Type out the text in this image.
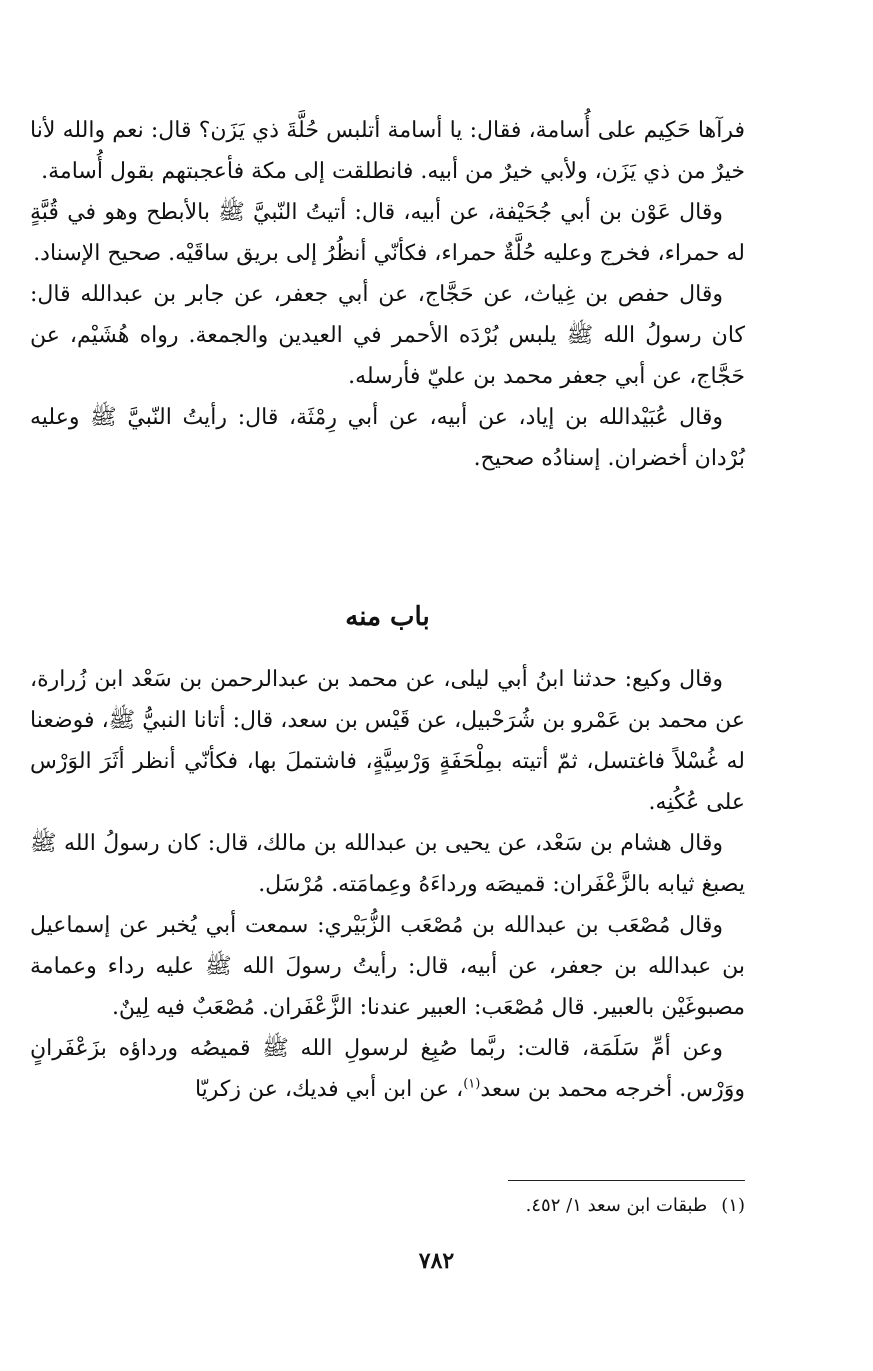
فرآها حَكِيم على أُسامة، فقال: يا أسامة أتلبس حُلَّةَ ذي يَزَن؟ قال: نعم والله لأنا خيرٌ من ذي يَزَن، ولأبي خيرٌ من أبيه. فانطلقت إلى مكة فأعجبتهم بقول أُسامة.

وقال عَوْن بن أبي جُحَيْفة، عن أبيه، قال: أتيتُ النّبيَّ ﷺ بالأبطح وهو في قُبَّةٍ له حمراء، فخرج وعليه حُلَّةٌ حمراء، فكأنّي أنظُرُ إلى بريق ساقَيْه. صحيح الإسناد.

وقال حفص بن غِياث، عن حَجَّاج، عن أبي جعفر، عن جابر بن عبدالله قال: كان رسولُ الله ﷺ يلبس بُرْدَه الأحمر في العيدين والجمعة. رواه هُشَيْم، عن حَجَّاج، عن أبي جعفر محمد بن عليّ فأرسله.

وقال عُبَيْدالله بن إياد، عن أبيه، عن أبي رِمْثَة، قال: رأيتُ النّبيَّ ﷺ وعليه بُرْدان أخضران. إسنادُه صحيح.

باب منه

وقال وكيع: حدثنا ابنُ أبي ليلى، عن محمد بن عبدالرحمن بن سَعْد ابن زُرارة، عن محمد بن عَمْرو بن شُرَحْبيل، عن قَيْس بن سعد، قال: أتانا النبيُّ ﷺ، فوضعنا له غُسْلاً فاغتسل، ثمّ أتيته بمِلْحَفَةٍ وَرْسِيَّةٍ، فاشتملَ بها، فكأنّي أنظر أثَرَ الوَرْس على عُكُنِه.

وقال هشام بن سَعْد، عن يحيى بن عبدالله بن مالك، قال: كان رسولُ الله ﷺ يصبغ ثيابه بالزَّعْفَران: قميصَه ورداءَهُ وعِمامَته. مُرْسَل.

وقال مُصْعَب بن عبدالله بن مُصْعَب الزُّبَيْري: سمعت أبي يُخبر عن إسماعيل بن عبدالله بن جعفر، عن أبيه، قال: رأيتُ رسولَ الله ﷺ عليه رداء وعمامة مصبوغَيْن بالعبير. قال مُصْعَب: العبير عندنا: الزَّعْفَران. مُصْعَبٌ فيه لِينٌ.

وعن أمِّ سَلَمَة، قالت: ربَّما صُبِغ لرسولِ الله ﷺ قميصُه ورداؤه بزَعْفَرانٍ ووَرْس. أخرجه محمد بن سعد$^{(١)}$، عن ابن أبي فديك، عن زكريّا

(١)طبقات ابن سعد ١/ ٤٥٢.
٧٨٢
